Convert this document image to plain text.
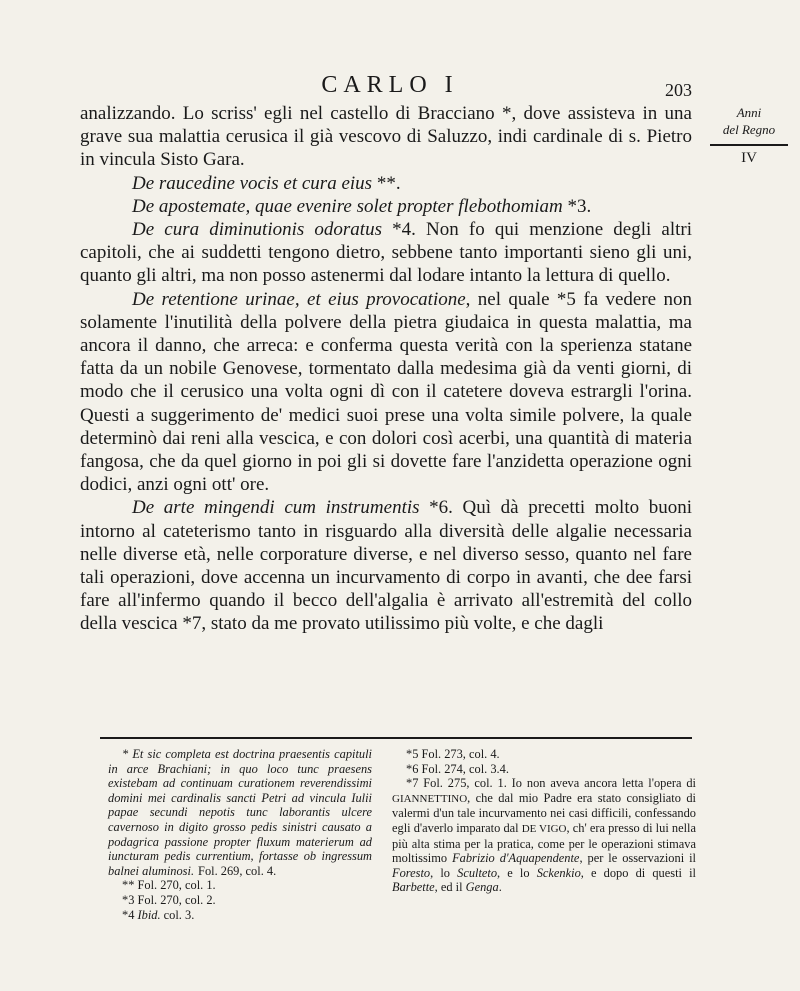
CARLO I	203
Anni
del Regno
IV

analizzando. Lo scriss' egli nel castello di Bracciano *, dove assisteva in una grave sua malattia cerusica il già vescovo di Saluzzo, indi cardinale di s. Pietro in vincula Sisto Gara.

De raucedine vocis et cura eius **.

De apostemate, quae evenire solet propter flebothomiam *3.

De cura diminutionis odoratus *4. Non fo qui menzione degli altri capitoli, che ai suddetti tengono dietro, sebbene tanto importanti sieno gli uni, quanto gli altri, ma non posso astenermi dal lodare intanto la lettura di quello.

De retentione urinae, et eius provocatione, nel quale *5 fa vedere non solamente l'inutilità della polvere della pietra giudaica in questa malattia, ma ancora il danno, che arreca: e conferma questa verità con la sperienza statane fatta da un nobile Genovese, tormentato dalla medesima già da venti giorni, di modo che il cerusico una volta ogni dì con il catetere doveva estrargli l'orina. Questi a suggerimento de' medici suoi prese una volta simile polvere, la quale determinò dai reni alla vescica, e con dolori così acerbi, una quantità di materia fangosa, che da quel giorno in poi gli si dovette fare l'anzidetta operazione ogni dodici, anzi ogni ott' ore.

De arte mingendi cum instrumentis *6. Quì dà precetti molto buoni intorno al cateterismo tanto in risguardo alla diversità delle algalie necessaria nelle diverse età, nelle corporature diverse, e nel diverso sesso, quanto nel fare tali operazioni, dove accenna un incurvamento di corpo in avanti, che dee farsi fare all'infermo quando il becco dell'algalia è arrivato all'estremità del collo della vescica *7, stato da me provato utilissimo più volte, e che dagli

* Et sic completa est doctrina praesentis capituli in arce Brachiani; in quo loco tunc praesens existebam ad continuam curationem reverendissimi domini mei cardinalis sancti Petri ad vincula Iulii papae secundi nepotis tunc laborantis ulcere cavernoso in digito grosso pedis sinistri causato a podagrica passione propter fluxum materierum ad iuncturam pedis currentium, fortasse ob ingressum balnei aluminosi. Fol. 269, col. 4.

** Fol. 270, col. 1.

*3 Fol. 270, col. 2.

*4 Ibid. col. 3.

*5 Fol. 273, col. 4.

*6 Fol. 274, col. 3.4.

*7 Fol. 275, col. 1. Io non aveva ancora letta l'opera di GIANNETTINO, che dal mio Padre era stato consigliato di valermi d'un tale incurvamento nei casi difficili, confessando egli d'averlo imparato dal DE VIGO, ch' era presso di lui nella più alta stima per la pratica, come per le operazioni stimava moltissimo Fabrizio d'Aquapendente, per le osservazioni il Foresto, lo Sculteto, e lo Sckenkio, e dopo di questi il Barbette, ed il Genga.
